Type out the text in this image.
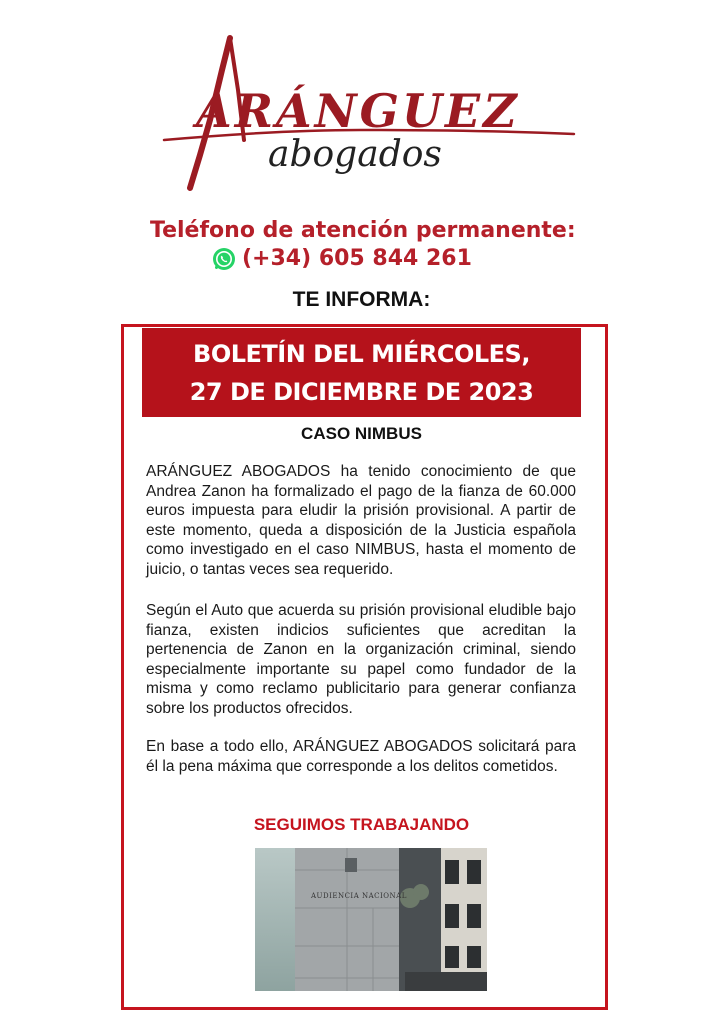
ARÁNGUEZ
abogados
Teléfono de atención permanente:
(+34) 605 844 261
TE INFORMA:
BOLETÍN DEL MIÉRCOLES,
27 DE DICIEMBRE DE 2023
CASO NIMBUS
ARÁNGUEZ ABOGADOS ha tenido conocimiento de que Andrea Zanon ha formalizado el pago de la fianza de 60.000 euros impuesta para eludir la prisión provisional. A partir de este momento, queda a disposición de la Justicia española como investigado en el caso NIMBUS, hasta el momento de juicio, o tantas veces sea requerido.
Según el Auto que acuerda su prisión provisional eludible bajo fianza, existen indicios suficientes que acreditan la pertenencia de Zanon en la organización criminal, siendo especialmente importante su papel como fundador de la misma y como reclamo publicitario para generar confianza sobre los productos ofrecidos.
En base a todo ello, ARÁNGUEZ ABOGADOS solicitará para él la pena máxima que corresponde a los delitos cometidos.
SEGUIMOS TRABAJANDO
AUDIENCIA NACIONAL
